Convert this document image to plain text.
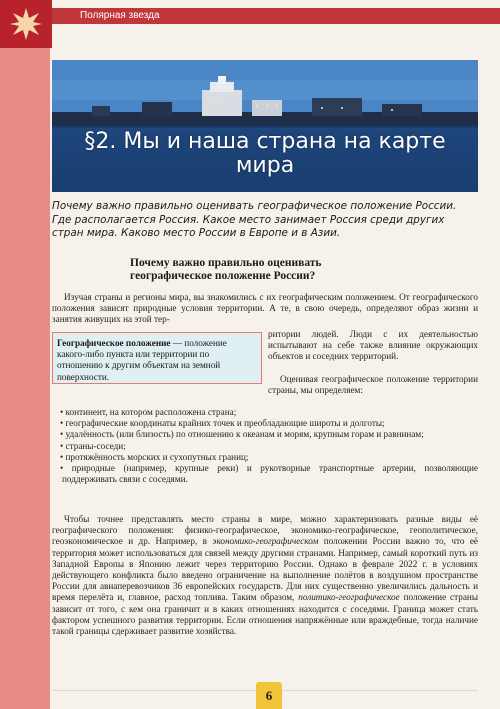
Полярная звезда
§2. Мы и наша страна на карте
мира

Почему важно правильно оценивать географическое положение России. Где располагается Россия. Какое место занимает Россия среди других стран мира. Каково место России в Европе и в Азии.

Почему важно правильно оценивать
географическое положение России?

Изучая страны и регионы мира, вы знакомились с их географическим положением. От географического положения зависят природные условия территории. А те, в свою очередь, определяют образ жизни и занятия живущих на этой тер-

Географическое положение — положение какого-либо пункта или территории по отношению к другим объектам на земной поверхности.

ритории людей. Люди с их деятельностью испытывают на себе также влияние окружающих объектов и соседних территорий.

Оценивая географическое положение территории страны, мы определяем:

• континент, на котором расположена страна;
• географические координаты крайних точек и преобладающие широты и долготы;
• удалённость (или близость) по отношению к океанам и морям, крупным горам и равнинам;
• страны-соседи;
• протяжённость морских и сухопутных границ;
• природные (например, крупные реки) и рукотворные транспортные артерии, позволяющие поддерживать связи с соседями.

Чтобы точнее представлять место страны в мире, можно характеризовать разные виды её географического положения: физико-географическое, экономико-географическое, геополитическое, геоэкономическое и др. Например, в экономико-географическом положении России важно то, что её территория может использоваться для связей между другими странами. Например, самый короткий путь из Западной Европы в Японию лежит через территорию России. Однако в феврале 2022 г. в условиях действующего конфликта было введено ограничение на выполнение полётов в воздушном пространстве России для авиаперевозчиков 36 европейских государств. Для них существенно увеличились дальность и время перелёта и, главное, расход топлива. Таким образом, политико-географическое положение страны зависит от того, с кем она граничит и в каких отношениях находится с соседями. Граница может стать фактором успешного развития территории. Если отношения напряжённые или враждебные, тогда наличие такой границы сдерживает развитие хозяйства.

6
